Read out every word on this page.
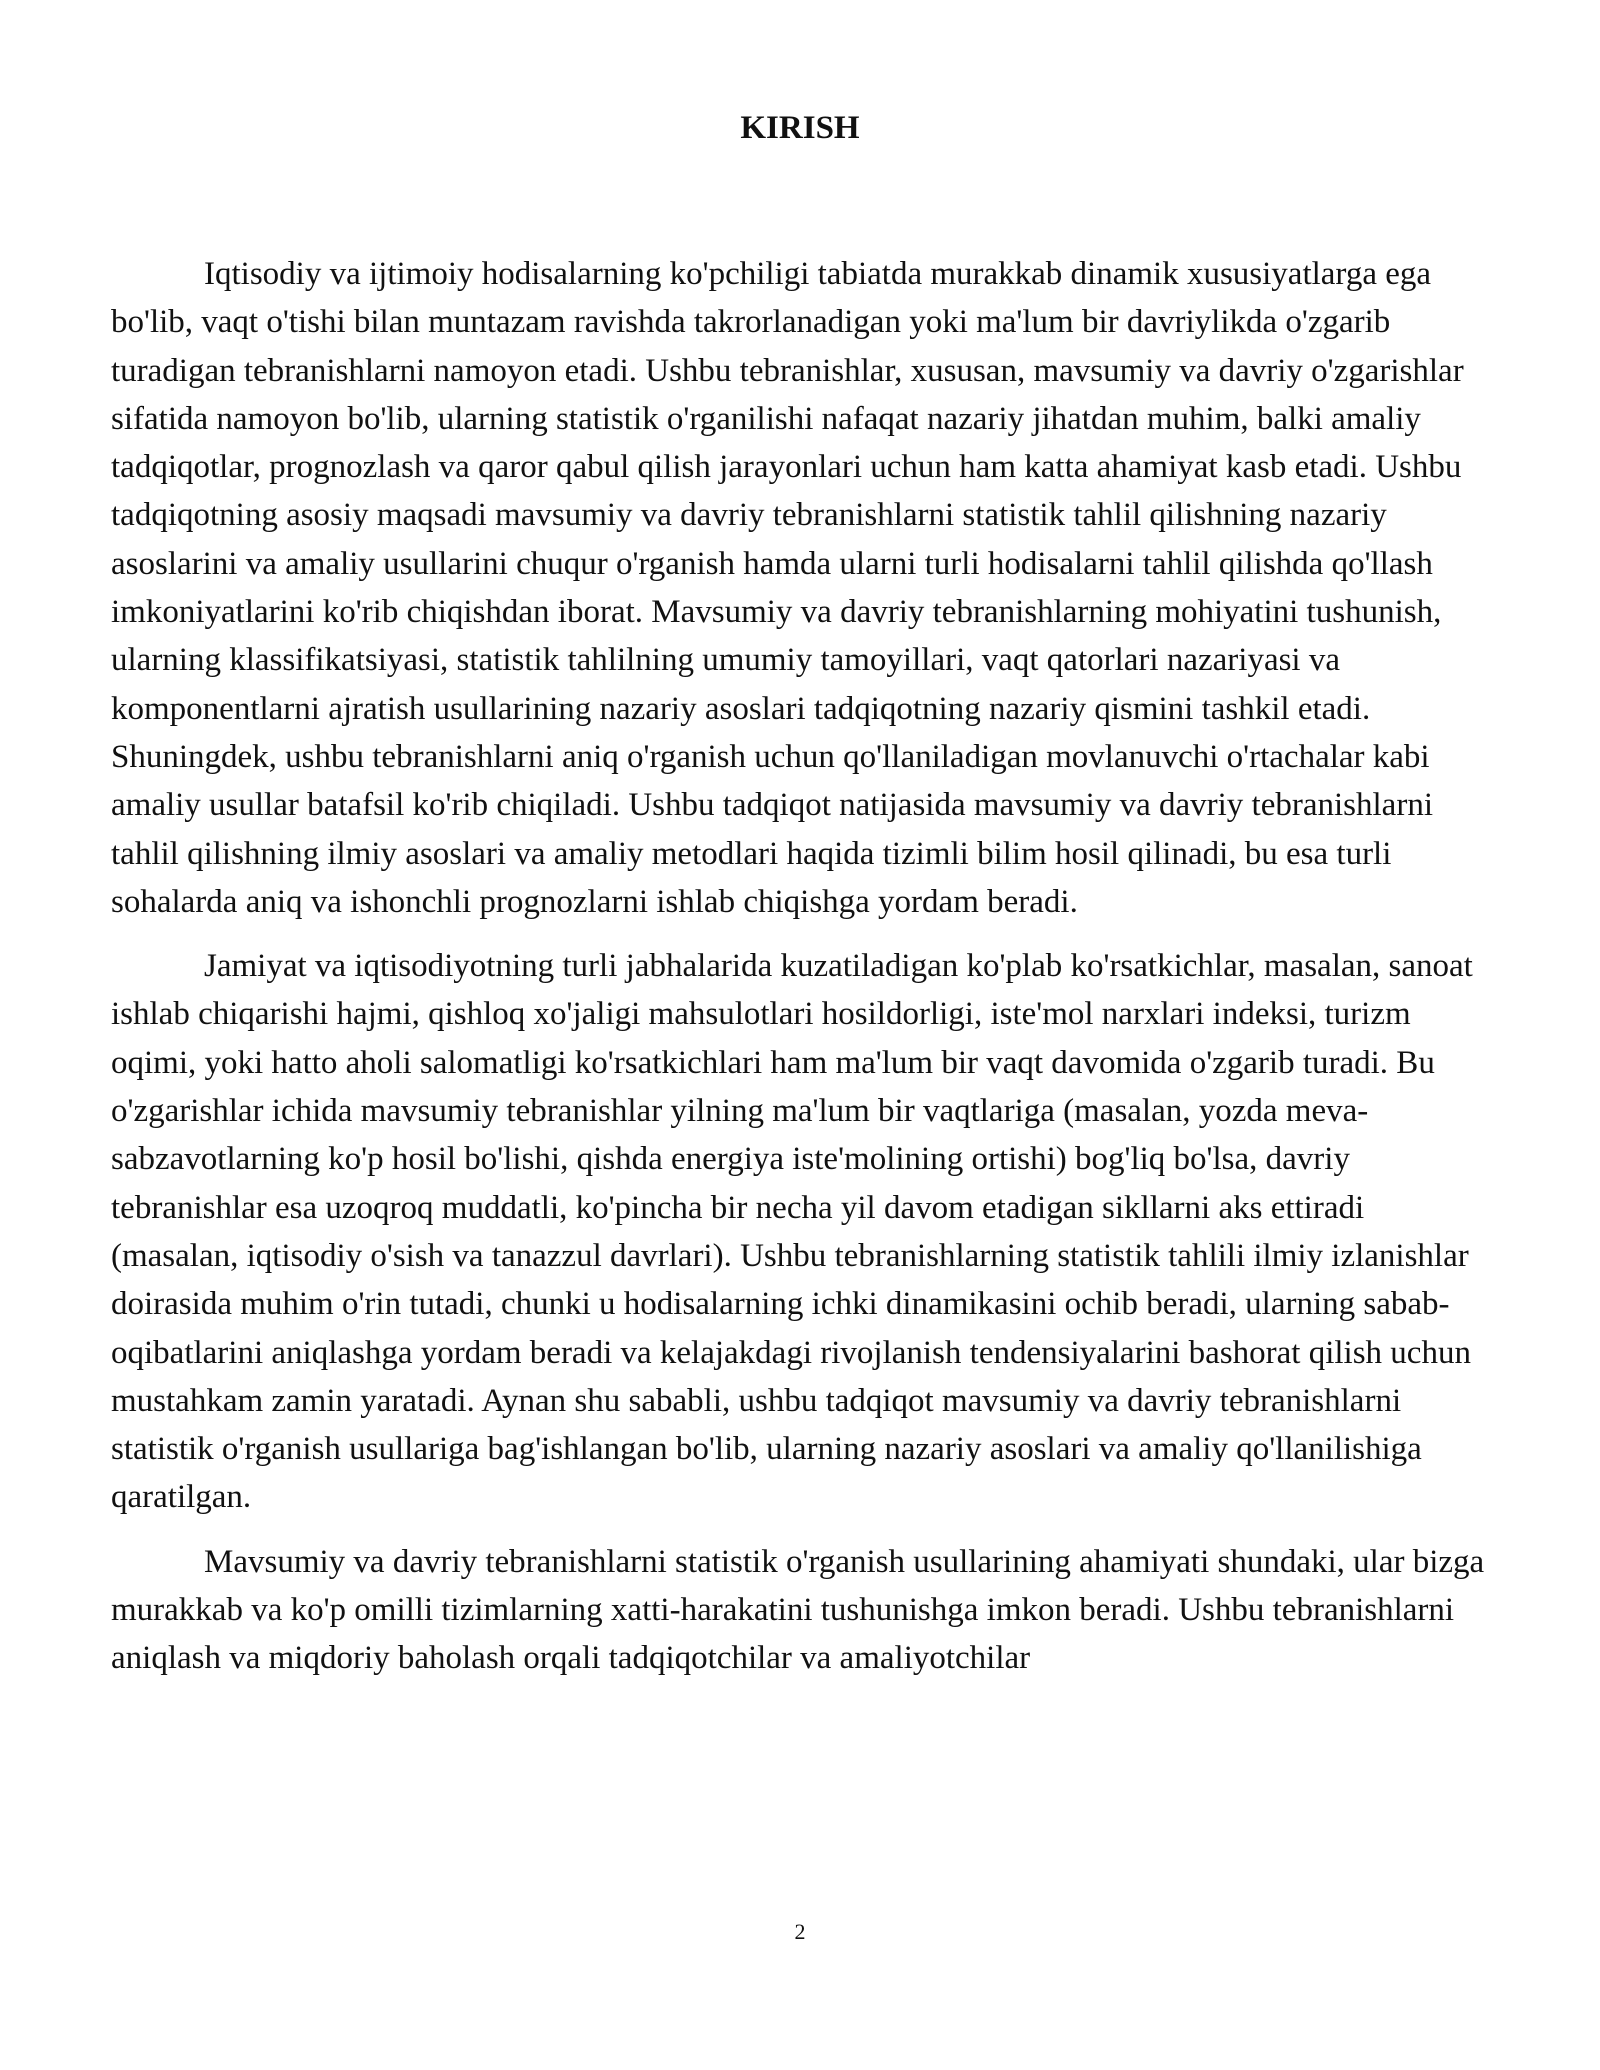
KIRISH

Iqtisodiy va ijtimoiy hodisalarning ko'pchiligi tabiatda murakkab dinamik xususiyatlarga ega bo'lib, vaqt o'tishi bilan muntazam ravishda takrorlanadigan yoki ma'lum bir davriylikda o'zgarib turadigan tebranishlarni namoyon etadi. Ushbu tebranishlar, xususan, mavsumiy va davriy o'zgarishlar sifatida namoyon bo'lib, ularning statistik o'rganilishi nafaqat nazariy jihatdan muhim, balki amaliy tadqiqotlar, prognozlash va qaror qabul qilish jarayonlari uchun ham katta ahamiyat kasb etadi. Ushbu tadqiqotning asosiy maqsadi mavsumiy va davriy tebranishlarni statistik tahlil qilishning nazariy asoslarini va amaliy usullarini chuqur o'rganish hamda ularni turli hodisalarni tahlil qilishda qo'llash imkoniyatlarini ko'rib chiqishdan iborat. Mavsumiy va davriy tebranishlarning mohiyatini tushunish, ularning klassifikatsiyasi, statistik tahlilning umumiy tamoyillari, vaqt qatorlari nazariyasi va komponentlarni ajratish usullarining nazariy asoslari tadqiqotning nazariy qismini tashkil etadi. Shuningdek, ushbu tebranishlarni aniq o'rganish uchun qo'llaniladigan movlanuvchi o'rtachalar kabi amaliy usullar batafsil ko'rib chiqiladi. Ushbu tadqiqot natijasida mavsumiy va davriy tebranishlarni tahlil qilishning ilmiy asoslari va amaliy metodlari haqida tizimli bilim hosil qilinadi, bu esa turli sohalarda aniq va ishonchli prognozlarni ishlab chiqishga yordam beradi.

Jamiyat va iqtisodiyotning turli jabhalarida kuzatiladigan ko'plab ko'rsatkichlar, masalan, sanoat ishlab chiqarishi hajmi, qishloq xo'jaligi mahsulotlari hosildorligi, iste'mol narxlari indeksi, turizm oqimi, yoki hatto aholi salomatligi ko'rsatkichlari ham ma'lum bir vaqt davomida o'zgarib turadi. Bu o'zgarishlar ichida mavsumiy tebranishlar yilning ma'lum bir vaqtlariga (masalan, yozda meva-sabzavotlarning ko'p hosil bo'lishi, qishda energiya iste'molining ortishi) bog'liq bo'lsa, davriy tebranishlar esa uzoqroq muddatli, ko'pincha bir necha yil davom etadigan sikllarni aks ettiradi (masalan, iqtisodiy o'sish va tanazzul davrlari). Ushbu tebranishlarning statistik tahlili ilmiy izlanishlar doirasida muhim o'rin tutadi, chunki u hodisalarning ichki dinamikasini ochib beradi, ularning sabab-oqibatlarini aniqlashga yordam beradi va kelajakdagi rivojlanish tendensiyalarini bashorat qilish uchun mustahkam zamin yaratadi. Aynan shu sababli, ushbu tadqiqot mavsumiy va davriy tebranishlarni statistik o'rganish usullariga bag'ishlangan bo'lib, ularning nazariy asoslari va amaliy qo'llanilishiga qaratilgan.

Mavsumiy va davriy tebranishlarni statistik o'rganish usullarining ahamiyati shundaki, ular bizga murakkab va ko'p omilli tizimlarning xatti-harakatini tushunishga imkon beradi. Ushbu tebranishlarni aniqlash va miqdoriy baholash orqali tadqiqotchilar va amaliyotchilar

2
